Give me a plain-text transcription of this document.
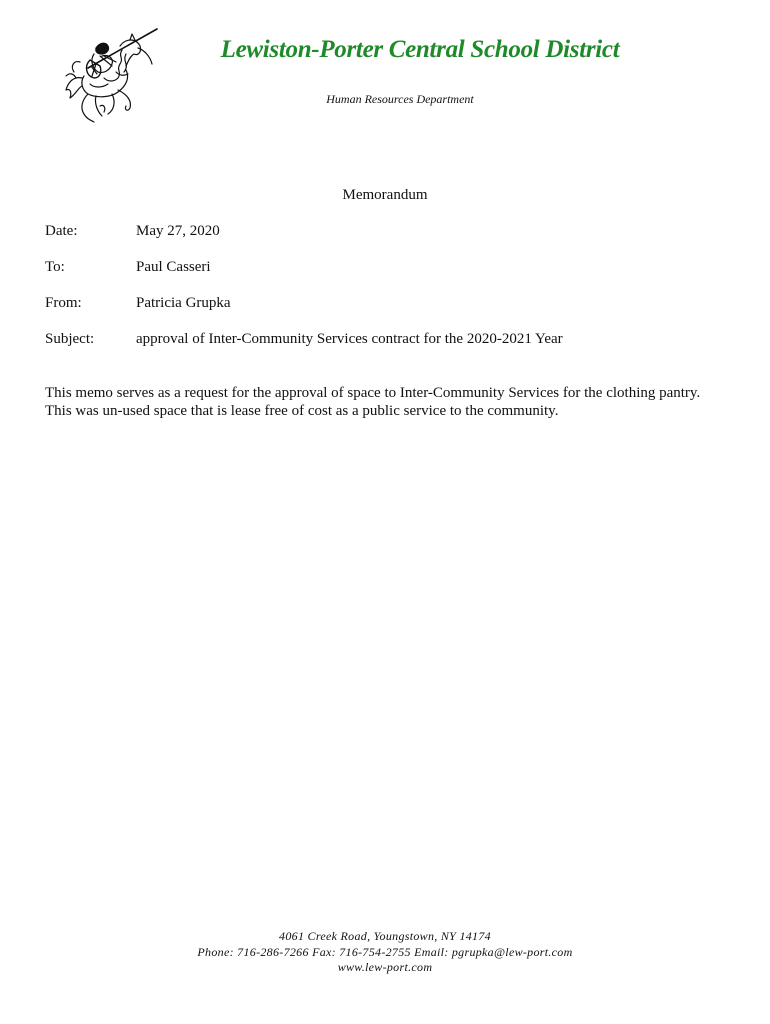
Lewiston-Porter Central School District
Human Resources Department
Memorandum
Date:	May 27, 2020
To:	Paul Casseri
From:	Patricia Grupka
Subject:	approval of Inter-Community Services contract for the 2020-2021 Year

This memo serves as a request for the approval of space to Inter-Community Services for the clothing pantry.

This was un-used space that is lease free of cost as a public service to the community.

4061 Creek Road, Youngstown, NY 14174
Phone: 716-286-7266 Fax: 716-754-2755 Email: pgrupka@lew-port.com
www.lew-port.com
